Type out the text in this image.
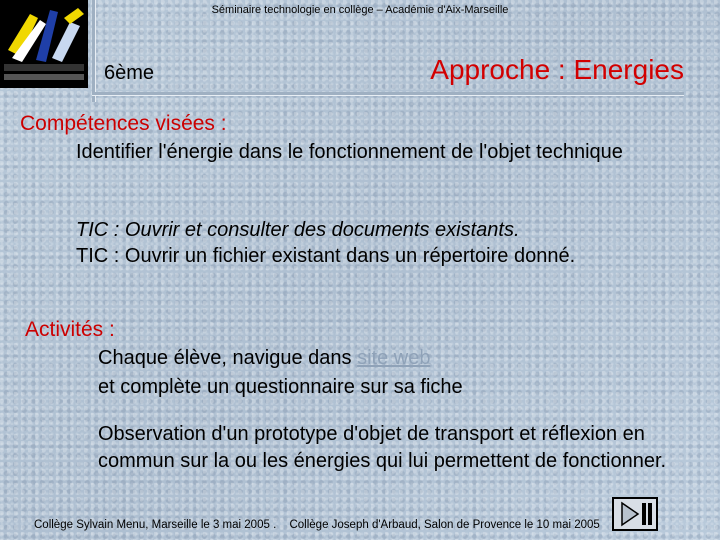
Séminaire technologie en collège – Académie d'Aix-Marseille
6ème	Approche : Energies
Compétences visées :
Identifier l'énergie dans le fonctionnement de l'objet technique
TIC : Ouvrir et consulter des documents existants.
TIC : Ouvrir un fichier existant dans un répertoire donné.
Activités :
Chaque élève, navigue dans site web
et complète un questionnaire sur sa fiche
Observation d'un prototype d'objet de transport et réflexion en commun sur la ou les énergies qui lui permettent de fonctionner.
Collège Sylvain Menu, Marseille le 3 mai 2005 . Collège Joseph d'Arbaud, Salon de Provence le 10 mai 2005
